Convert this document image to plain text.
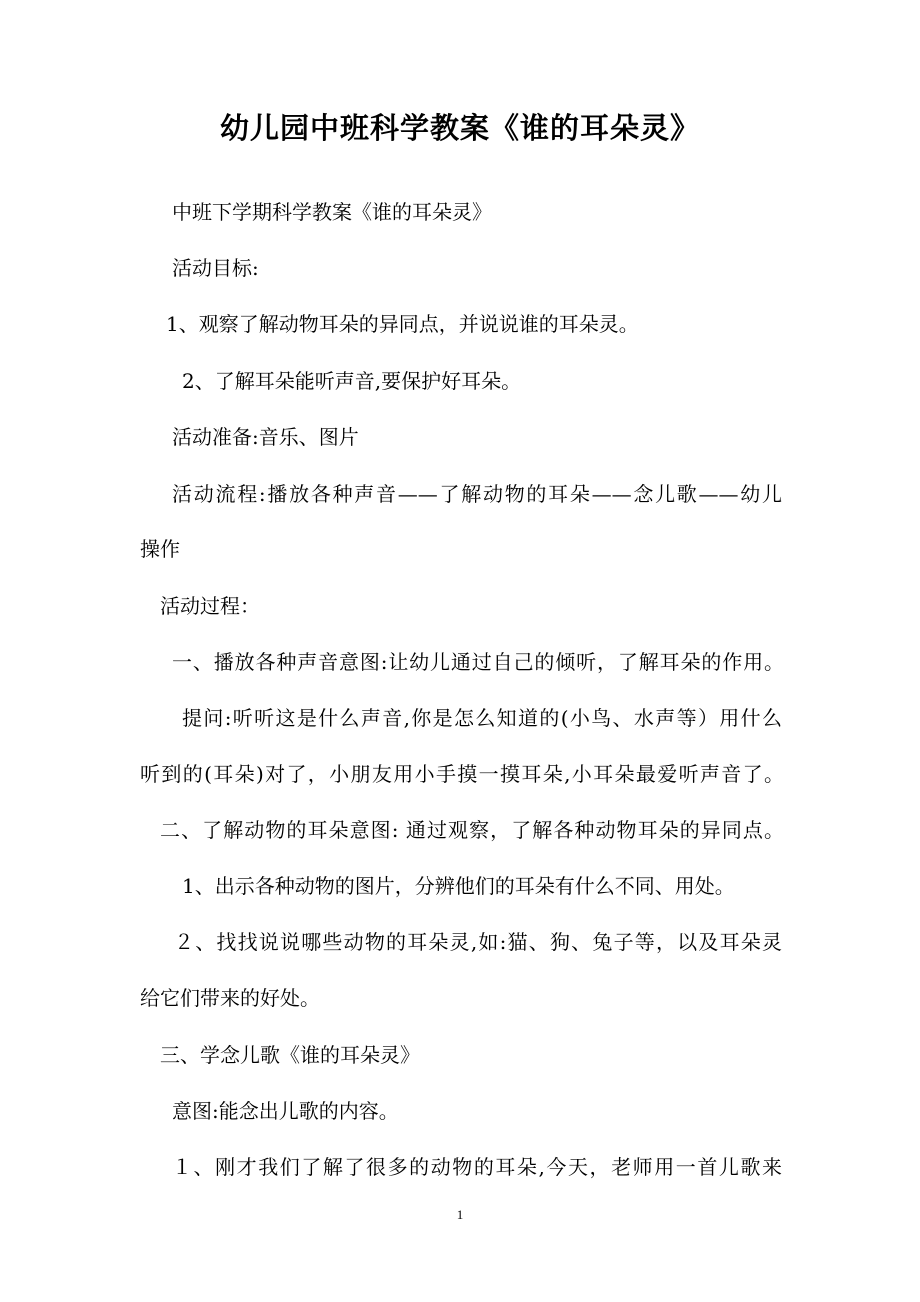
幼儿园中班科学教案《谁的耳朵灵》
中班下学期科学教案《谁的耳朵灵》
活动目标:
1、观察了解动物耳朵的异同点，并说说谁的耳朵灵。
2、了解耳朵能听声音,要保护好耳朵。
活动准备:音乐、图片
活动流程:播放各种声音——了解动物的耳朵——念儿歌——幼儿
操作
活动过程：
一、播放各种声音意图:让幼儿通过自己的倾听，了解耳朵的作用。
提问:听听这是什么声音,你是怎么知道的(小鸟、水声等）用什么
听到的(耳朵)对了，小朋友用小手摸一摸耳朵,小耳朵最爱听声音了。
二、了解动物的耳朵意图: 通过观察，了解各种动物耳朵的异同点。
1、出示各种动物的图片，分辨他们的耳朵有什么不同、用处。
２、找找说说哪些动物的耳朵灵,如:猫、狗、兔子等，以及耳朵灵
给它们带来的好处。
三、学念儿歌《谁的耳朵灵》
意图:能念出儿歌的内容。
１、刚才我们了解了很多的动物的耳朵,今天，老师用一首儿歌来
1
